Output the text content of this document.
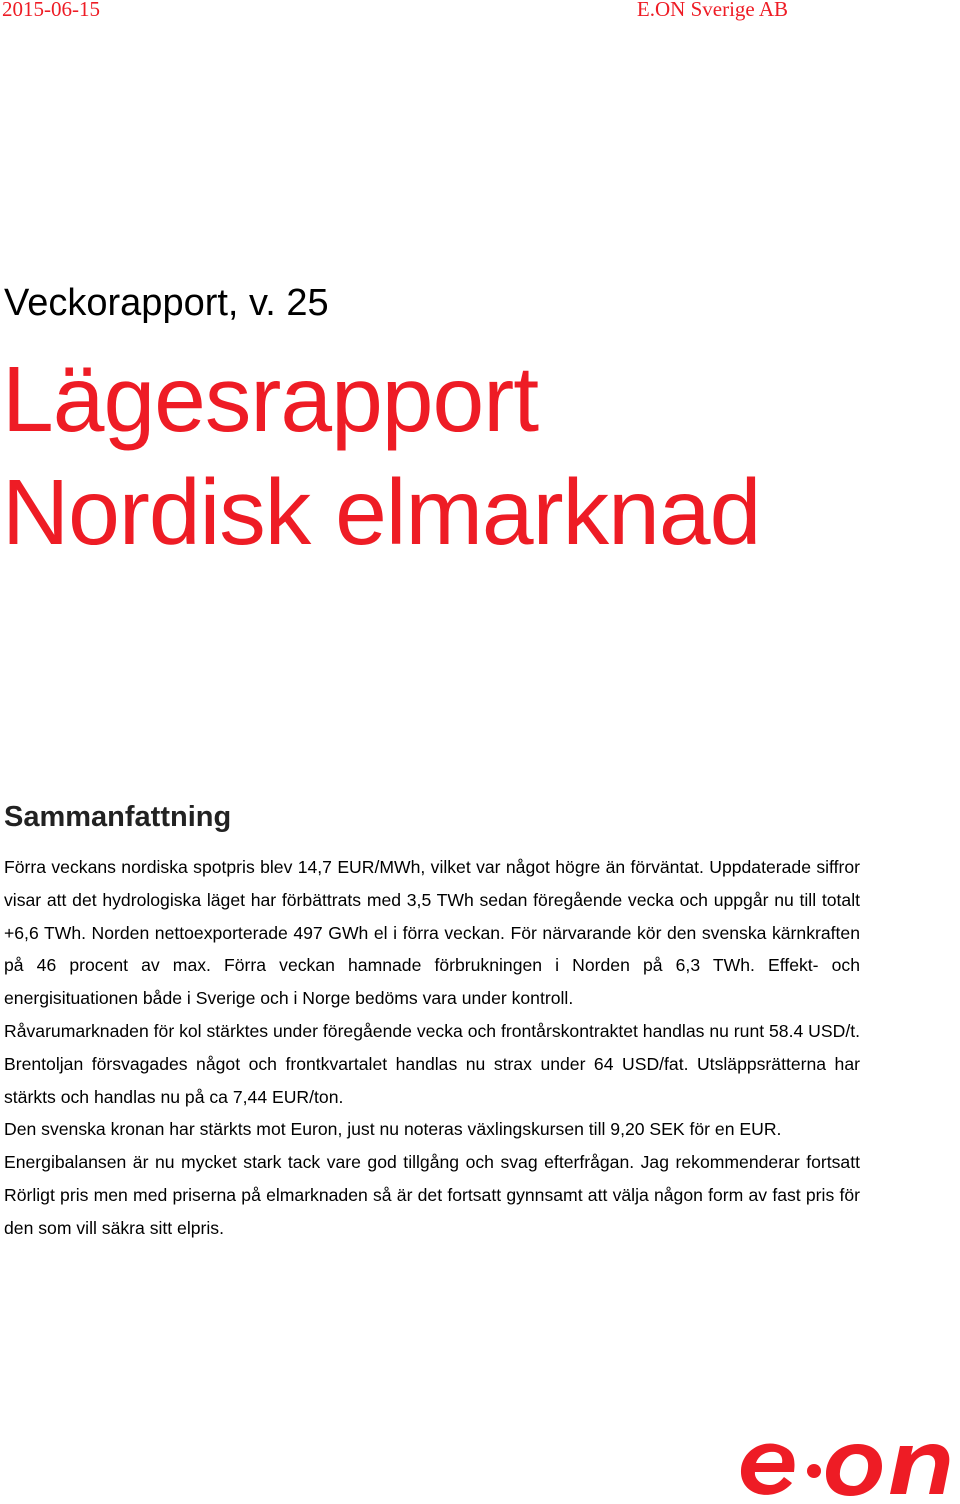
2015-06-15	E.ON Sverige AB
Veckorapport, v. 25
Lägesrapport
Nordisk elmarknad
Sammanfattning

Förra veckans nordiska spotpris blev 14,7 EUR/MWh, vilket var något högre än förväntat. Uppdaterade siffror visar att det hydrologiska läget har förbättrats med 3,5 TWh sedan föregående vecka och uppgår nu till totalt +6,6 TWh. Norden nettoexporterade 497 GWh el i förra veckan. För närvarande kör den svenska kärnkraften på 46 procent av max. Förra veckan hamnade förbrukningen i Norden på 6,3 TWh. Effekt- och energisituationen både i Sverige och i Norge bedöms vara under kontroll.

Råvarumarknaden för kol stärktes under föregående vecka och frontårskontraktet handlas nu runt 58.4 USD/t. Brentoljan försvagades något och frontkvartalet handlas nu strax under 64 USD/fat. Utsläppsrätterna har stärkts och handlas nu på ca 7,44 EUR/ton.

Den svenska kronan har stärkts mot Euron, just nu noteras växlingskursen till 9,20 SEK för en EUR.

Energibalansen är nu mycket stark tack vare god tillgång och svag efterfrågan. Jag rekommenderar fortsatt Rörligt pris men med priserna på elmarknaden så är det fortsatt gynnsamt att välja någon form av fast pris för den som vill säkra sitt elpris.
